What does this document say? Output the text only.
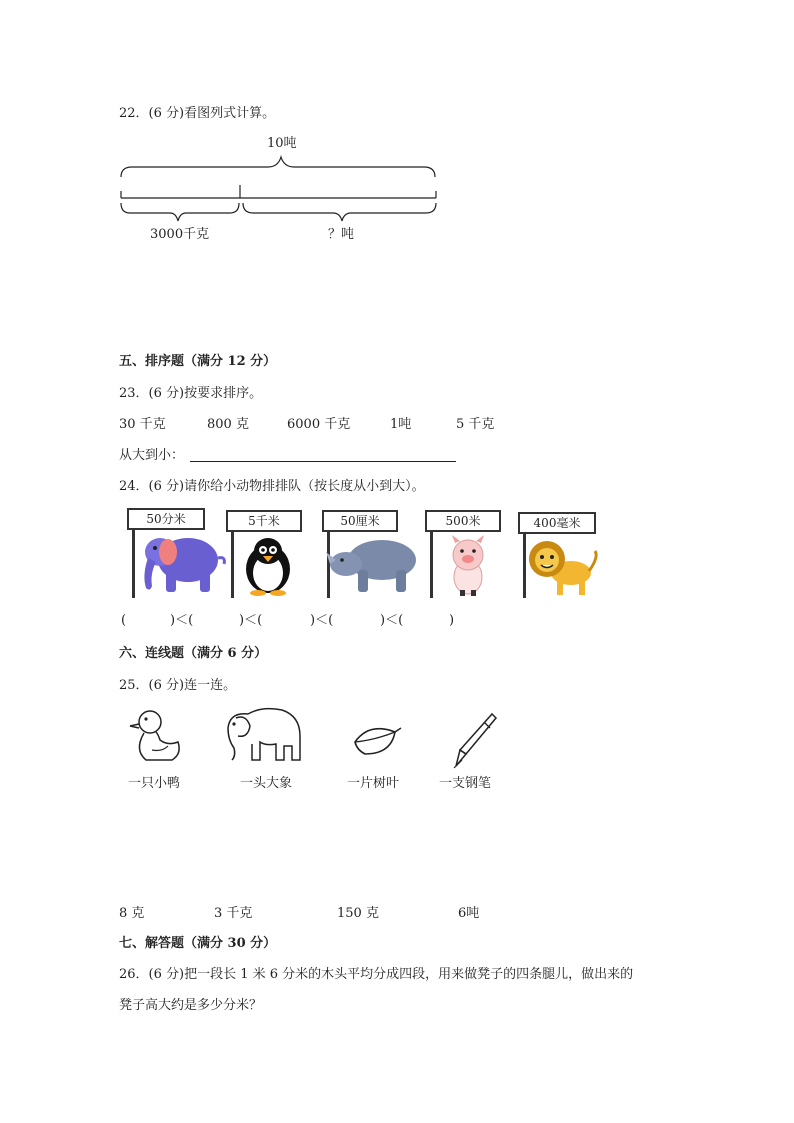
22．(6 分)看图列式计算。
10吨
3000千克	？吨
五、排序题（满分 12 分）
23．(6 分)按要求排序。
30 千克	800 克	6000 千克	1吨	5 千克
从大到小：
24．(6 分)请你给小动物排排队（按长度从小到大）。
50分米	5千米	50厘米	500米	400毫米
(	)＜(	)＜(	)＜(	)＜(	)
六、连线题（满分 6 分）
25．(6 分)连一连。
一只小鸭	一头大象	一片树叶	一支钢笔
8 克	3 千克	150 克	6吨
七、解答题（满分 30 分）
26．(6 分)把一段长 1 米 6 分米的木头平均分成四段，用来做凳子的四条腿儿，做出来的
凳子高大约是多少分米？
